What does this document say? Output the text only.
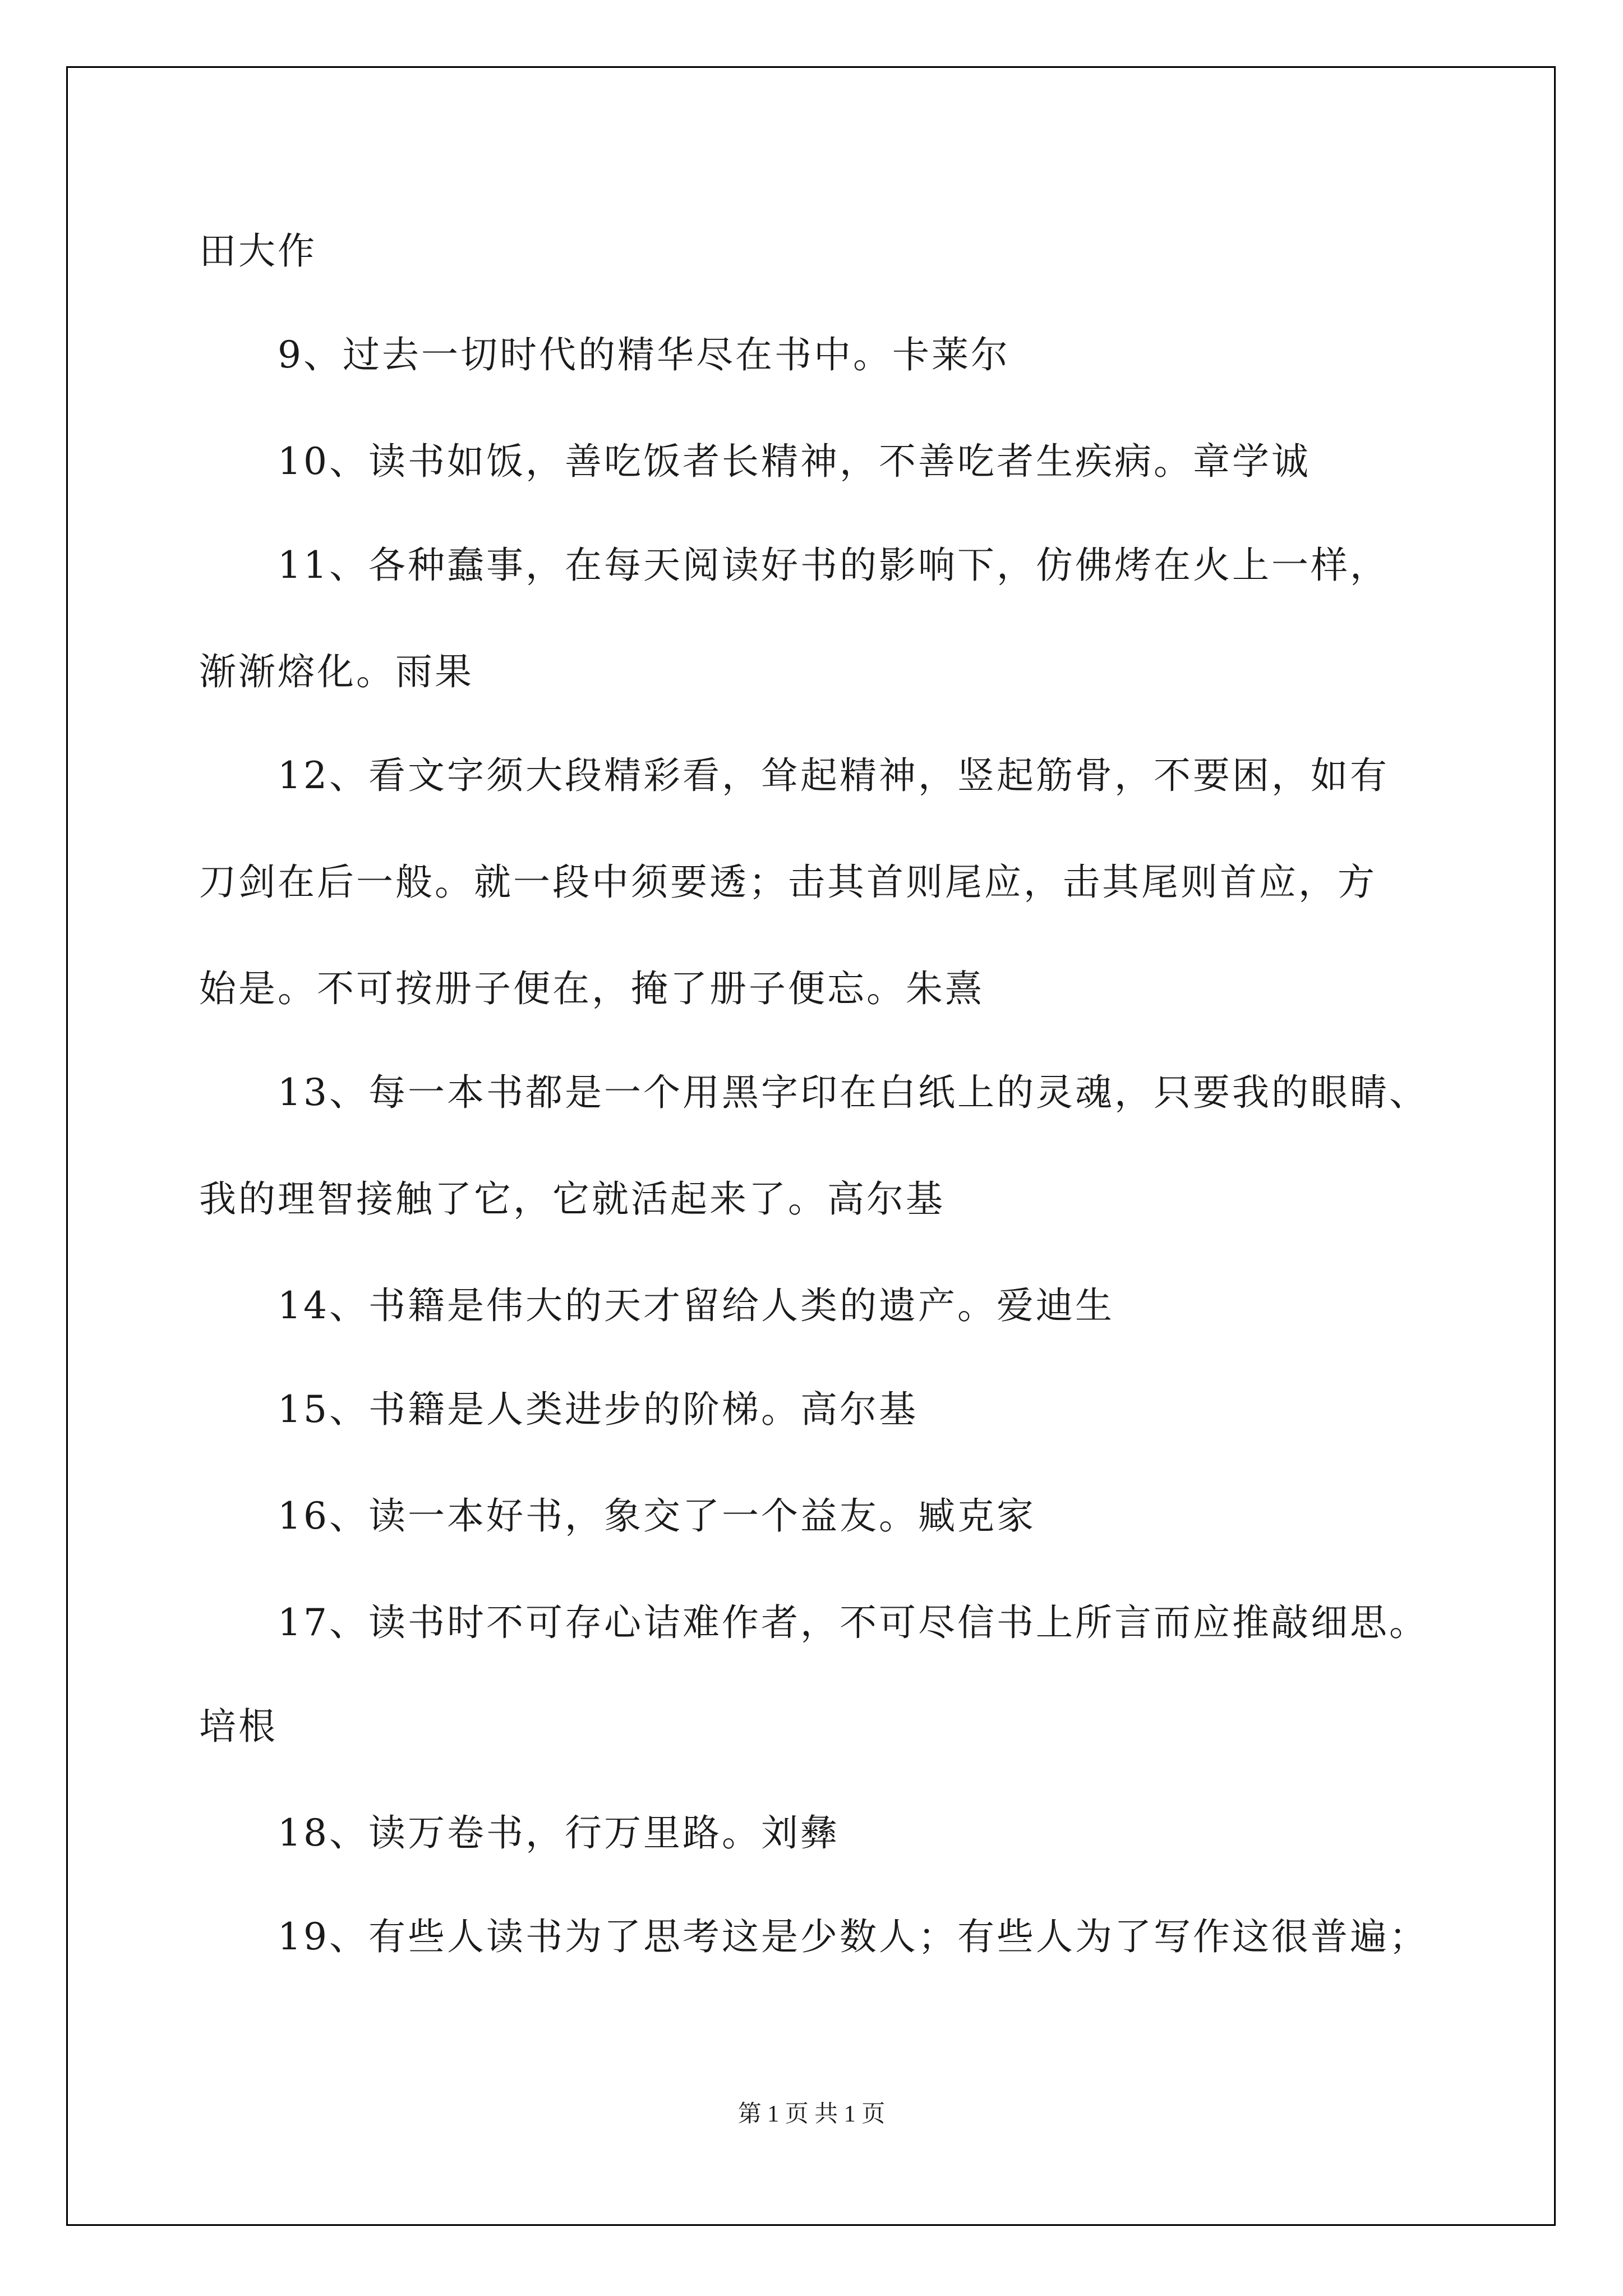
田大作
9、过去一切时代的精华尽在书中。卡莱尔
10、读书如饭，善吃饭者长精神，不善吃者生疾病。章学诚
11、各种蠢事，在每天阅读好书的影响下，仿佛烤在火上一样，
渐渐熔化。雨果
12、看文字须大段精彩看，耸起精神，竖起筋骨，不要困，如有
刀剑在后一般。就一段中须要透；击其首则尾应，击其尾则首应，方
始是。不可按册子便在，掩了册子便忘。朱熹
13、每一本书都是一个用黑字印在白纸上的灵魂，只要我的眼睛、
我的理智接触了它，它就活起来了。高尔基
14、书籍是伟大的天才留给人类的遗产。爱迪生
15、书籍是人类进步的阶梯。高尔基
16、读一本好书，象交了一个益友。臧克家
17、读书时不可存心诘难作者，不可尽信书上所言而应推敲细思。
培根
18、读万卷书，行万里路。刘彝
19、有些人读书为了思考这是少数人；有些人为了写作这很普遍；
第 1 页 共 1 页
